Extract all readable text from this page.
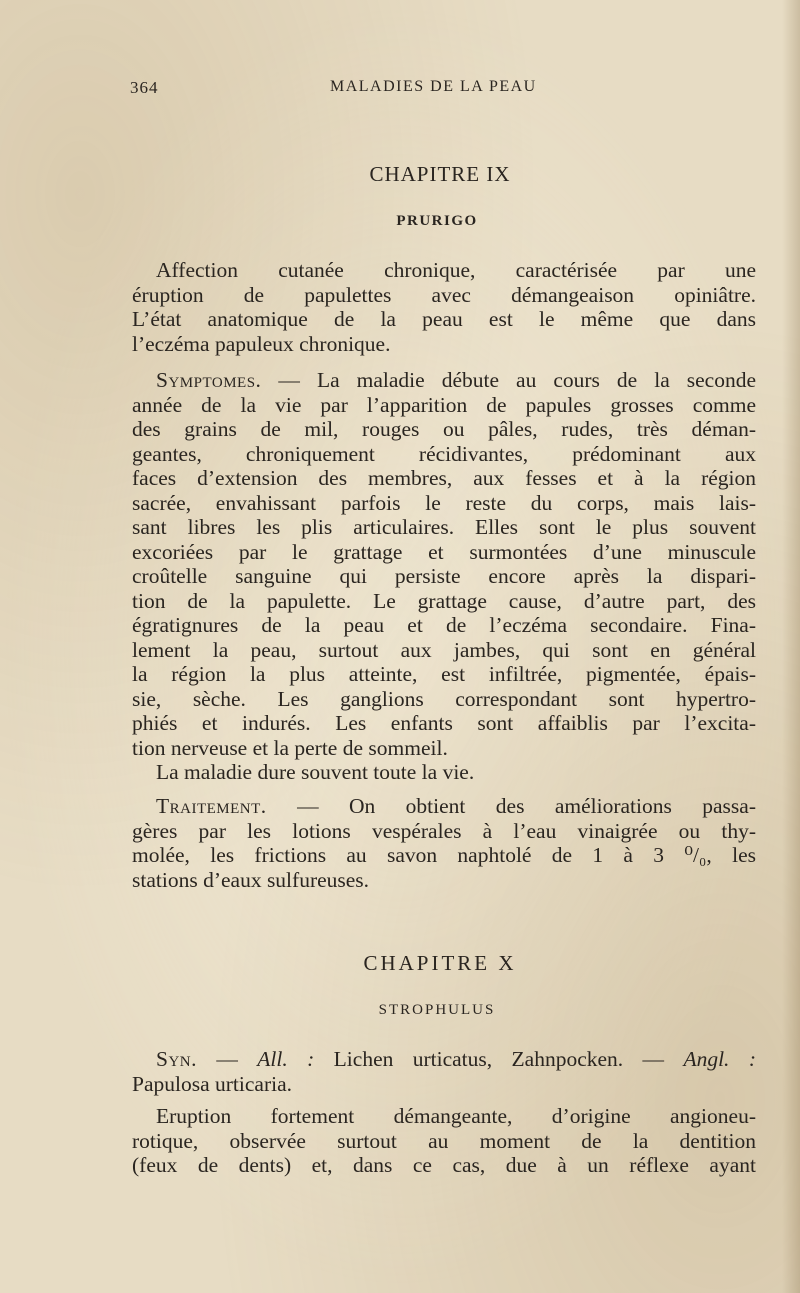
364	MALADIES DE LA PEAU
CHAPITRE IX
PRURIGO

Affection cutanée chronique, caractérisée par une
éruption de papulettes avec démangeaison opiniâtre.
L’état anatomique de la peau est le même que dans
l’eczéma papuleux chronique.

Symptomes. — La maladie débute au cours de la seconde
année de la vie par l’apparition de papules grosses comme
des grains de mil, rouges ou pâles, rudes, très déman-
geantes, chroniquement récidivantes, prédominant aux
faces d’extension des membres, aux fesses et à la région
sacrée, envahissant parfois le reste du corps, mais lais-
sant libres les plis articulaires. Elles sont le plus souvent
excoriées par le grattage et surmontées d’une minuscule
croûtelle sanguine qui persiste encore après la dispari-
tion de la papulette. Le grattage cause, d’autre part, des
égratignures de la peau et de l’eczéma secondaire. Fina-
lement la peau, surtout aux jambes, qui sont en général
la région la plus atteinte, est infiltrée, pigmentée, épais-
sie, sèche. Les ganglions correspondant sont hypertro-
phiés et indurés. Les enfants sont affaiblis par l’excita-
tion nerveuse et la perte de sommeil.
La maladie dure souvent toute la vie.

Traitement. — On obtient des améliorations passa-
gères par les lotions vespérales à l’eau vinaigrée ou thy-
molée, les frictions au savon naphtolé de 1 à 3 ⁰/₀, les
stations d’eaux sulfureuses.

CHAPITRE X
STROPHULUS

Syn. — All. : Lichen urticatus, Zahnpocken. — Angl. :
Papulosa urticaria.

Eruption fortement démangeante, d’origine angioneu-
rotique, observée surtout au moment de la dentition
(feux de dents) et, dans ce cas, due à un réflexe ayant
